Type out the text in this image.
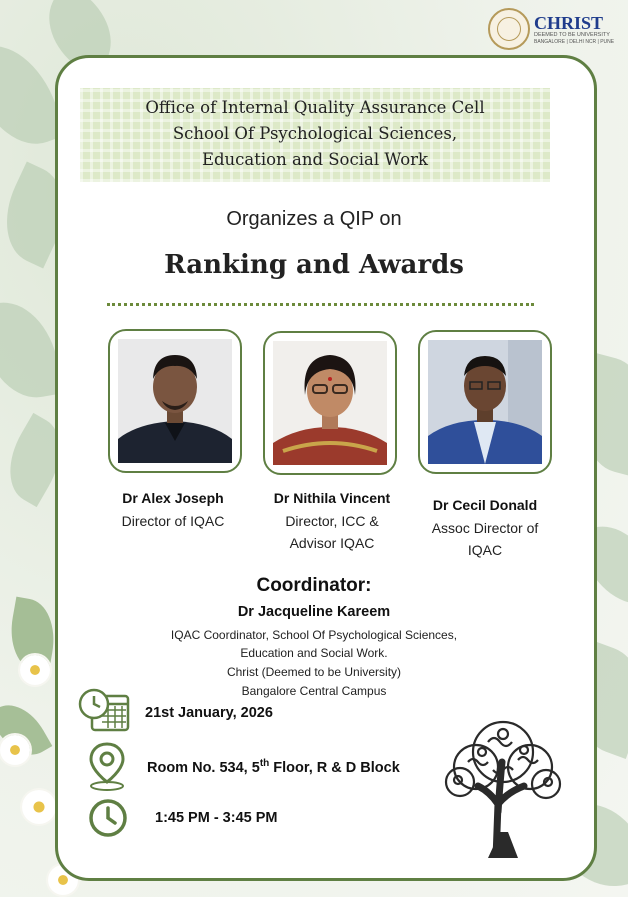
CHRIST
DEEMED TO BE UNIVERSITY
BANGALORE | DELHI NCR | PUNE
Office of Internal Quality Assurance Cell
School Of Psychological Sciences,
Education and Social Work
Organizes a QIP on
Ranking and Awards
Dr Alex Joseph
Director of IQAC
Dr Nithila Vincent
Director, ICC &
Advisor IQAC
Dr Cecil Donald
Assoc Director of
IQAC
Coordinator:
Dr Jacqueline Kareem
IQAC Coordinator, School Of Psychological Sciences,
Education and Social Work.
Christ (Deemed to be University)
Bangalore Central Campus
21st January, 2026
Room No. 534, 5th Floor, R & D Block
1:45 PM - 3:45 PM
